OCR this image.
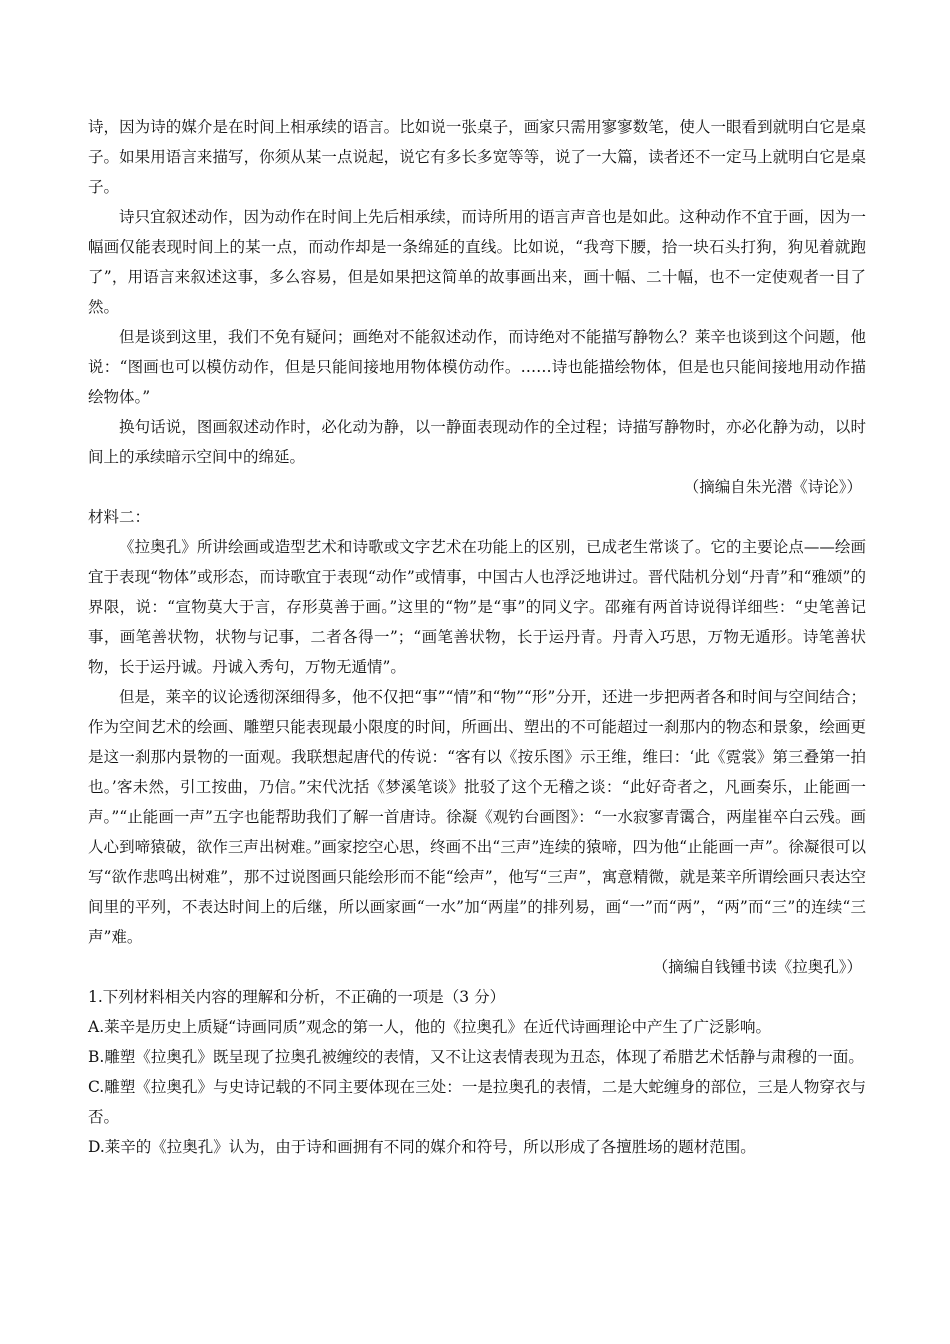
诗，因为诗的媒介是在时间上相承续的语言。比如说一张桌子，画家只需用寥寥数笔，使人一眼看到就明白它是桌子。如果用语言来描写，你须从某一点说起，说它有多长多宽等等，说了一大篇，读者还不一定马上就明白它是桌子。

诗只宜叙述动作，因为动作在时间上先后相承续，而诗所用的语言声音也是如此。这种动作不宜于画，因为一幅画仅能表现时间上的某一点，而动作却是一条绵延的直线。比如说，“我弯下腰，拾一块石头打狗，狗见着就跑了”，用语言来叙述这事，多么容易，但是如果把这简单的故事画出来，画十幅、二十幅，也不一定使观者一目了然。

但是谈到这里，我们不免有疑问；画绝对不能叙述动作，而诗绝对不能描写静物么？莱辛也谈到这个问题，他说：“图画也可以模仿动作，但是只能间接地用物体模仿动作。……诗也能描绘物体，但是也只能间接地用动作描绘物体。”

换句话说，图画叙述动作时，必化动为静，以一静面表现动作的全过程；诗描写静物时，亦必化静为动，以时间上的承续暗示空间中的绵延。

（摘编自朱光潜《诗论》）

材料二：

《拉奥孔》所讲绘画或造型艺术和诗歌或文字艺术在功能上的区别，已成老生常谈了。它的主要论点——绘画宜于表现“物体”或形态，而诗歌宜于表现“动作”或情事，中国古人也浮泛地讲过。晋代陆机分划“丹青”和“雅颂”的界限，说：“宣物莫大于言，存形莫善于画。”这里的“物”是“事”的同义字。邵雍有两首诗说得详细些：“史笔善记事，画笔善状物，状物与记事，二者各得一”；“画笔善状物，长于运丹青。丹青入巧思，万物无遁形。诗笔善状物，长于运丹诚。丹诚入秀句，万物无遁情”。

但是，莱辛的议论透彻深细得多，他不仅把“事”“情”和“物”“形”分开，还进一步把两者各和时间与空间结合；作为空间艺术的绘画、雕塑只能表现最小限度的时间，所画出、塑出的不可能超过一刹那内的物态和景象，绘画更是这一刹那内景物的一面观。我联想起唐代的传说：“客有以《按乐图》示王维，维曰：‘此《霓裳》第三叠第一拍也。’客未然，引工按曲，乃信。”宋代沈括《梦溪笔谈》批驳了这个无稽之谈：“此好奇者之，凡画奏乐，止能画一声。”“止能画一声”五字也能帮助我们了解一首唐诗。徐凝《观钓台画图》：“一水寂寥青霭合，两崖崔卒白云残。画人心到啼猿破，欲作三声出树难。”画家挖空心思，终画不出“三声”连续的猿啼，四为他“止能画一声”。徐凝很可以写“欲作悲鸣出树难”，那不过说图画只能绘形而不能“绘声”，他写“三声”，寓意精微，就是莱辛所谓绘画只表达空间里的平列，不表达时间上的后继，所以画家画“一水”加“两崖”的排列易，画“一”而“两”，“两”而“三”的连续“三声”难。

（摘编自钱锺书读《拉奥孔》）

1.下列材料相关内容的理解和分析，不正确的一项是（3 分）

A.莱辛是历史上质疑“诗画同质”观念的第一人，他的《拉奥孔》在近代诗画理论中产生了广泛影响。

B.雕塑《拉奥孔》既呈现了拉奥孔被缠绞的表情，又不让这表情表现为丑态，体现了希腊艺术恬静与肃穆的一面。

C.雕塑《拉奥孔》与史诗记载的不同主要体现在三处：一是拉奥孔的表情，二是大蛇缠身的部位，三是人物穿衣与否。

D.莱辛的《拉奥孔》认为，由于诗和画拥有不同的媒介和符号，所以形成了各擅胜场的题材范围。
